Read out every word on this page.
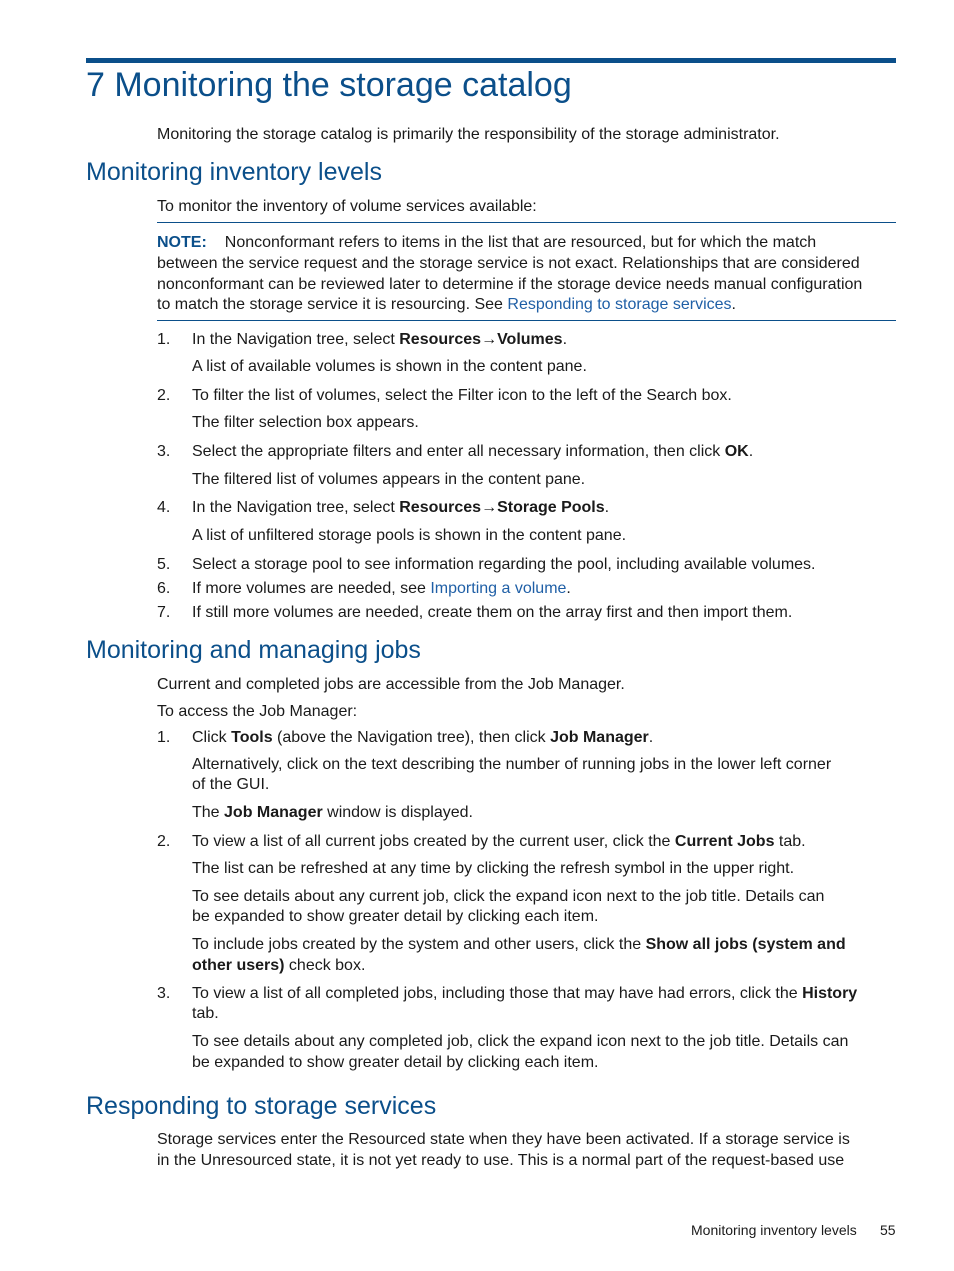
7 Monitoring the storage catalog

Monitoring the storage catalog is primarily the responsibility of the storage administrator.

Monitoring inventory levels

To monitor the inventory of volume services available:

NOTE: Nonconformant refers to items in the list that are resourced, but for which the match

between the service request and the storage service is not exact. Relationships that are considered

nonconformant can be reviewed later to determine if the storage device needs manual configuration

to match the storage service it is resourcing. See Responding to storage services.

1. In the Navigation tree, select Resources→Volumes.

A list of available volumes is shown in the content pane.

2. To filter the list of volumes, select the Filter icon to the left of the Search box.

The filter selection box appears.

3. Select the appropriate filters and enter all necessary information, then click OK.

The filtered list of volumes appears in the content pane.

4. In the Navigation tree, select Resources→Storage Pools.

A list of unfiltered storage pools is shown in the content pane.

5. Select a storage pool to see information regarding the pool, including available volumes.

6. If more volumes are needed, see Importing a volume.

7. If still more volumes are needed, create them on the array first and then import them.

Monitoring and managing jobs

Current and completed jobs are accessible from the Job Manager.

To access the Job Manager:

1. Click Tools (above the Navigation tree), then click Job Manager.

Alternatively, click on the text describing the number of running jobs in the lower left corner

of the GUI.

The Job Manager window is displayed.

2. To view a list of all current jobs created by the current user, click the Current Jobs tab.

The list can be refreshed at any time by clicking the refresh symbol in the upper right.

To see details about any current job, click the expand icon next to the job title. Details can

be expanded to show greater detail by clicking each item.

To include jobs created by the system and other users, click the Show all jobs (system and

other users) check box.

3. To view a list of all completed jobs, including those that may have had errors, click the History

tab.

To see details about any completed job, click the expand icon next to the job title. Details can

be expanded to show greater detail by clicking each item.

Responding to storage services

Storage services enter the Resourced state when they have been activated. If a storage service is

in the Unresourced state, it is not yet ready to use. This is a normal part of the request-based use

Monitoring inventory levels 55
